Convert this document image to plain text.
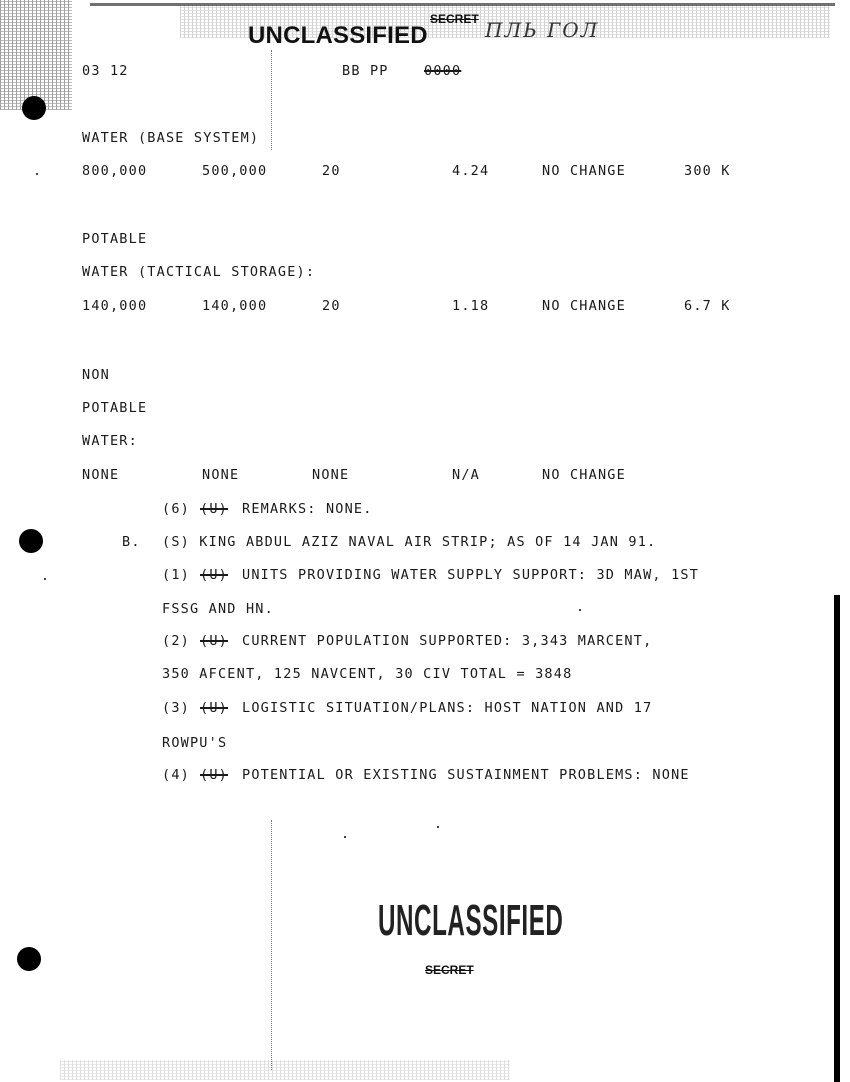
UNCLASSIFIED
SECRET ПЛЬ ГОЛ
03 12	BB PP	0000
WATER (BASE SYSTEM)
800,000	500,000	20	4.24	NO CHANGE	300 K
POTABLE
WATER (TACTICAL STORAGE):
140,000	140,000	20	1.18	NO CHANGE	6.7 K
NON
POTABLE
WATER:
NONE	NONE	NONE	N/A	NO CHANGE
(6) (U) REMARKS: NONE.
B. (S) KING ABDUL AZIZ NAVAL AIR STRIP; AS OF 14 JAN 91.
(1) (U) UNITS PROVIDING WATER SUPPLY SUPPORT: 3D MAW, 1ST
FSSG AND HN.
(2) (U) CURRENT POPULATION SUPPORTED: 3,343 MARCENT,
350 AFCENT, 125 NAVCENT, 30 CIV TOTAL = 3848
(3) (U) LOGISTIC SITUATION/PLANS: HOST NATION AND 17
ROWPU'S
(4) (U) POTENTIAL OR EXISTING SUSTAINMENT PROBLEMS: NONE
UNCLASSIFIED
SECRET
